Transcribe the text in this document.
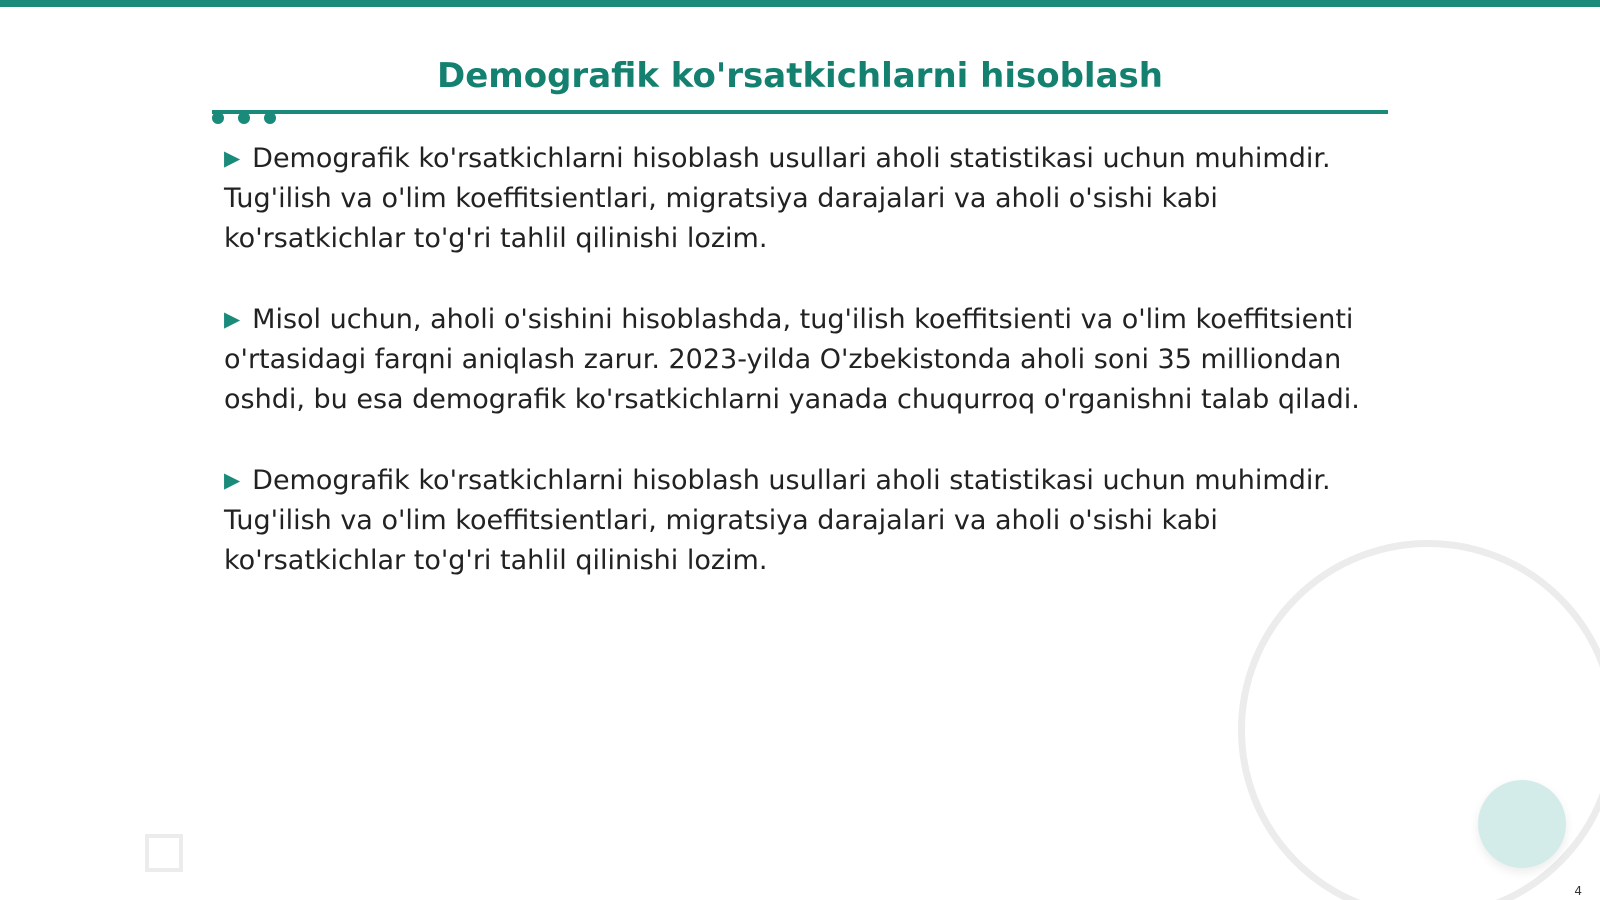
Demografik ko'rsatkichlarni hisoblash

▶ Demografik ko'rsatkichlarni hisoblash usullari aholi statistikasi uchun muhimdir. Tug'ilish va o'lim koeffitsientlari, migratsiya darajalari va aholi o'sishi kabi ko'rsatkichlar to'g'ri tahlil qilinishi lozim.

▶ Misol uchun, aholi o'sishini hisoblashda, tug'ilish koeffitsienti va o'lim koeffitsienti o'rtasidagi farqni aniqlash zarur. 2023-yilda O'zbekistonda aholi soni 35 milliondan oshdi, bu esa demografik ko'rsatkichlarni yanada chuqurroq o'rganishni talab qiladi.

▶ Demografik ko'rsatkichlarni hisoblash usullari aholi statistikasi uchun muhimdir. Tug'ilish va o'lim koeffitsientlari, migratsiya darajalari va aholi o'sishi kabi ko'rsatkichlar to'g'ri tahlil qilinishi lozim.

4
